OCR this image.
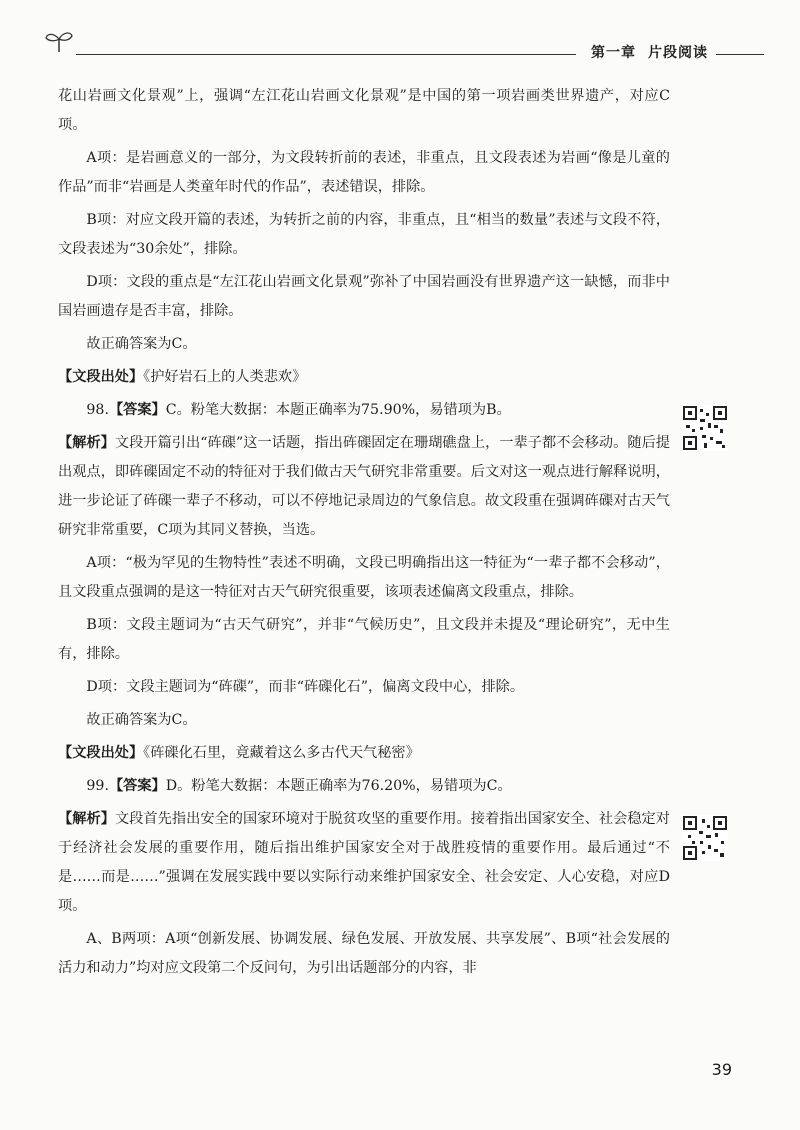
第一章 片段阅读

花山岩画文化景观”上，强调“左江花山岩画文化景观”是中国的第一项岩画类世界遗产，对应C项。

A项：是岩画意义的一部分，为文段转折前的表述，非重点，且文段表述为岩画“像是儿童的作品”而非“岩画是人类童年时代的作品”，表述错误，排除。

B项：对应文段开篇的表述，为转折之前的内容，非重点，且“相当的数量”表述与文段不符，文段表述为“30余处”，排除。

D项：文段的重点是“左江花山岩画文化景观”弥补了中国岩画没有世界遗产这一缺憾，而非中国岩画遗存是否丰富，排除。

故正确答案为C。

【文段出处】《护好岩石上的人类悲欢》

98.【答案】C。粉笔大数据：本题正确率为75.90%，易错项为B。

【解析】文段开篇引出“砗磲”这一话题，指出砗磲固定在珊瑚礁盘上，一辈子都不会移动。随后提出观点，即砗磲固定不动的特征对于我们做古天气研究非常重要。后文对这一观点进行解释说明，进一步论证了砗磲一辈子不移动，可以不停地记录周边的气象信息。故文段重在强调砗磲对古天气研究非常重要，C项为其同义替换，当选。

A项：“极为罕见的生物特性”表述不明确，文段已明确指出这一特征为“一辈子都不会移动”，且文段重点强调的是这一特征对古天气研究很重要，该项表述偏离文段重点，排除。

B项：文段主题词为“古天气研究”，并非“气候历史”，且文段并未提及“理论研究”，无中生有，排除。

D项：文段主题词为“砗磲”，而非“砗磲化石”，偏离文段中心，排除。

故正确答案为C。

【文段出处】《砗磲化石里，竟藏着这么多古代天气秘密》

99.【答案】D。粉笔大数据：本题正确率为76.20%，易错项为C。

【解析】文段首先指出安全的国家环境对于脱贫攻坚的重要作用。接着指出国家安全、社会稳定对于经济社会发展的重要作用，随后指出维护国家安全对于战胜疫情的重要作用。最后通过“不是……而是……”强调在发展实践中要以实际行动来维护国家安全、社会安定、人心安稳，对应D项。

A、B两项：A项“创新发展、协调发展、绿色发展、开放发展、共享发展”、B项“社会发展的活力和动力”均对应文段第二个反问句，为引出话题部分的内容，非

39
